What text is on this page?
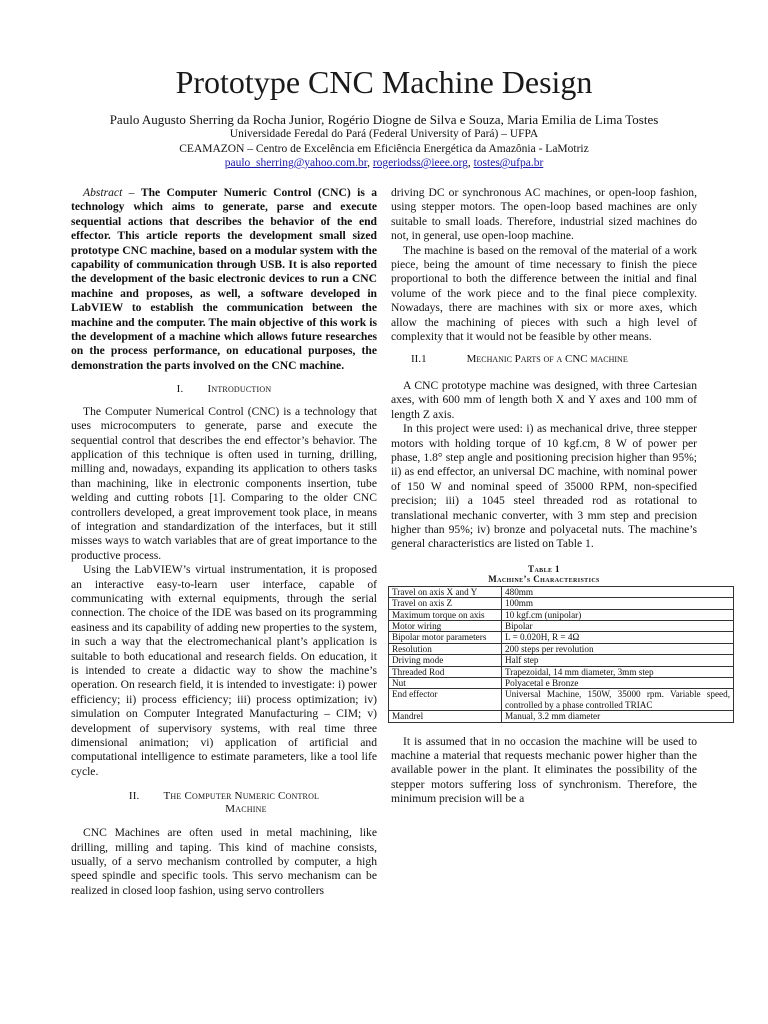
Prototype CNC Machine Design
Paulo Augusto Sherring da Rocha Junior, Rogério Diogne de Silva e Souza, Maria Emilia de Lima Tostes
Universidade Feredal do Pará (Federal University of Pará) – UFPA
CEAMAZON – Centro de Excelência em Eficiência Energética da Amazônia - LaMotriz
paulo_sherring@yahoo.com.br, rogeriodss@ieee.org, tostes@ufpa.br

Abstract – The Computer Numeric Control (CNC) is a technology which aims to generate, parse and execute sequential actions that describes the behavior of the end effector. This article reports the development small sized prototype CNC machine, based on a modular system with the capability of communication through USB. It is also reported the development of the basic electronic devices to run a CNC machine and proposes, as well, a software developed in LabVIEW to establish the communication between the machine and the computer. The main objective of this work is the development of a machine which allows future researches on the process performance, on educational purposes, the demonstration the parts involved on the CNC machine.

I. Introduction

The Computer Numerical Control (CNC) is a technology that uses microcomputers to generate, parse and execute the sequential control that describes the end effector’s behavior. The application of this technique is often used in turning, drilling, milling and, nowadays, expanding its application to others tasks than machining, like in electronic components insertion, tube welding and cutting robots [1]. Comparing to the older CNC controllers developed, a great improvement took place, in means of integration and standardization of the interfaces, but it still misses ways to watch variables that are of great importance to the productive process.

Using the LabVIEW’s virtual instrumentation, it is proposed an interactive easy-to-learn user interface, capable of communicating with external equipments, through the serial connection. The choice of the IDE was based on its programming easiness and its capability of adding new properties to the system, in such a way that the electromechanical plant’s application is suitable to both educational and research fields. On education, it is intended to create a didactic way to show the machine’s operation. On research field, it is intended to investigate: i) power efficiency; ii) process efficiency; iii) process optimization; iv) simulation on Computer Integrated Manufacturing – CIM; v) development of supervisory systems, with real time three dimensional animation; vi) application of artificial and computational intelligence to estimate parameters, like a tool life cycle.

II. The Computer Numeric Control
Machine

CNC Machines are often used in metal machining, like drilling, milling and taping. This kind of machine consists, usually, of a servo mechanism controlled by computer, a high speed spindle and specific tools. This servo mechanism can be realized in closed loop fashion, using servo controllers

driving DC or synchronous AC machines, or open-loop fashion, using stepper motors. The open-loop based machines are only suitable to small loads. Therefore, industrial sized machines do not, in general, use open-loop machine.

The machine is based on the removal of the material of a work piece, being the amount of time necessary to finish the piece proportional to both the difference between the initial and final volume of the work piece and to the final piece complexity. Nowadays, there are machines with six or more axes, which allow the machining of pieces with such a high level of complexity that it would not be feasible by other means.

II.1	Mechanic Parts of a CNC machine

A CNC prototype machine was designed, with three Cartesian axes, with 600 mm of length both X and Y axes and 100 mm of length Z axis.

In this project were used: i) as mechanical drive, three stepper motors with holding torque of 10 kgf.cm, 8 W of power per phase, 1.8° step angle and positioning precision higher than 95%; ii) as end effector, an universal DC machine, with nominal power of 150 W and nominal speed of 35000 RPM, non-specified precision; iii) a 1045 steel threaded rod as rotational to translational mechanic converter, with 3 mm step and precision higher than 95%; iv) bronze and polyacetal nuts. The machine’s general characteristics are listed on Table 1.

Table 1
Machine’s Characteristics
Travel on axis X and Y	480mm
Travel on axis Z	100mm
Maximum torque on axis	10 kgf.cm (unipolar)
Motor wiring	Bipolar
Bipolar motor parameters	L = 0.020H, R = 4Ω
Resolution	200 steps per revolution
Driving mode	Half step
Threaded Rod	Trapezoidal, 14 mm diameter, 3mm step
Nut	Polyacetal e Bronze
End effector	Universal Machine, 150W, 35000 rpm. Variable speed, controlled by a phase controlled TRIAC
Mandrel	Manual, 3.2 mm diameter

It is assumed that in no occasion the machine will be used to machine a material that requests mechanic power higher than the available power in the plant. It eliminates the possibility of the stepper motors suffering loss of synchronism. Therefore, the minimum precision will be a
